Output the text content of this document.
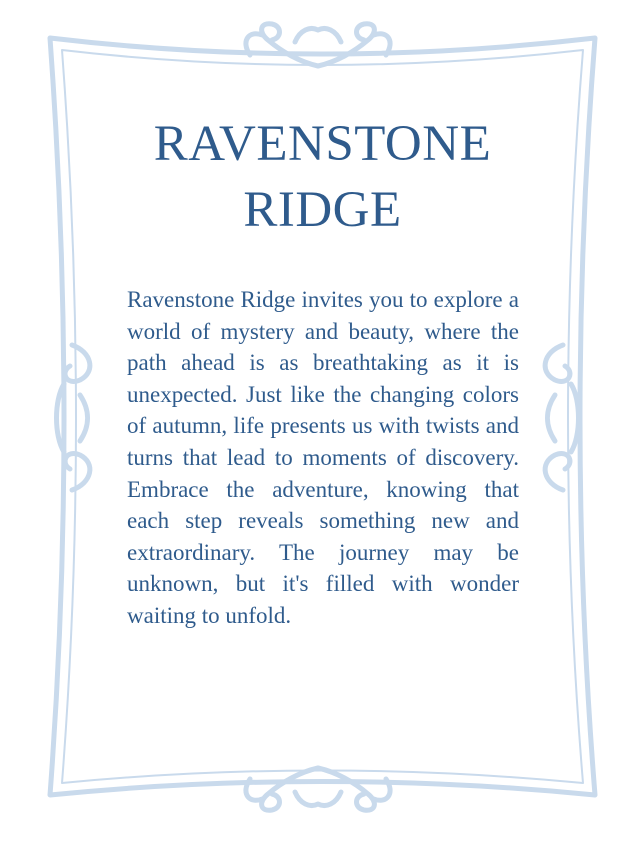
RAVENSTONE
RIDGE

Ravenstone Ridge invites you to explore a world of mystery and beauty, where the path ahead is as breathtaking as it is unexpected. Just like the changing colors of autumn, life presents us with twists and turns that lead to moments of discovery. Embrace the adventure, knowing that each step reveals something new and extraordinary. The journey may be unknown, but it's filled with wonder waiting to unfold.
